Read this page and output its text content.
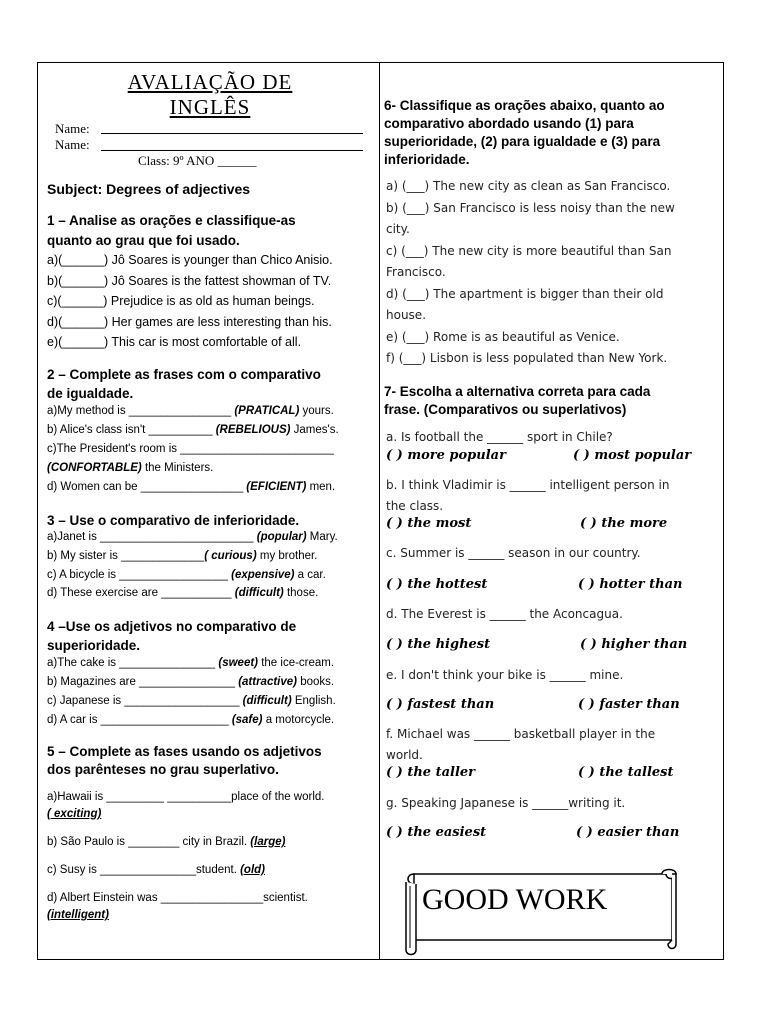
AVALIAÇÃO DE
INGLÊS
Name:
Name:
Class: 9º ANO ______
Subject: Degrees of adjectives
1 – Analise as orações e classifique-as
quanto ao grau que foi usado.
a)(______) Jô Soares is younger than Chico Anisio.
b)(______) Jô Soares is the fattest showman of TV.
c)(______) Prejudice is as old as human beings.
d)(______) Her games are less interesting than his.
e)(______) This car is most comfortable of all.
2 – Complete as frases com o comparativo
de igualdade.
a)My method is ________________ (PRATICAL) yours.
b) Alice's class isn't __________ (REBELIOUS) James's.
c)The President's room is ________________________
(CONFORTABLE) the Ministers.
d) Women can be ________________ (EFICIENT) men.
3 – Use o comparativo de inferioridade.
a)Janet is ________________________ (popular) Mary.
b) My sister is _____________( curious) my brother.
c) A bicycle is _________________ (expensive) a car.
d) These exercise are ___________ (difficult) those.
4 –Use os adjetivos no comparativo de
superioridade.
a)The cake is _______________ (sweet) the ice-cream.
b) Magazines are _______________ (attractive) books.
c) Japanese is __________________ (difficult) English.
d) A car is ____________________ (safe) a motorcycle.
5 – Complete as fases usando os adjetivos
dos parênteses no grau superlativo.
a)Hawaii is _________ __________place of the world.
( exciting)
b) São Paulo is ________ city in Brazil. (large)
c) Susy is _______________student. (old)
d) Albert Einstein was ________________scientist.
(intelligent)
6- Classifique as orações abaixo, quanto ao
comparativo abordado usando (1) para
superioridade, (2) para igualdade e (3) para
inferioridade.
a) (___) The new city as clean as San Francisco.
b) (___) San Francisco is less noisy than the new
city.
c) (___) The new city is more beautiful than San
Francisco.
d) (___) The apartment is bigger than their old
house.
e) (___) Rome is as beautiful as Venice.
f) (___) Lisbon is less populated than New York.
7- Escolha a alternativa correta para cada
frase. (Comparativos ou superlativos)
a. Is football the ______ sport in Chile?
( ) more popular	( ) most popular
b. I think Vladimir is ______ intelligent person in
the class.
( ) the most	( ) the more
c. Summer is ______ season in our country.
( ) the hottest	( ) hotter than
d. The Everest is ______ the Aconcagua.
( ) the highest	( ) higher than
e. I don't think your bike is ______ mine.
( ) fastest than	( ) faster than
f. Michael was ______ basketball player in the
world.
( ) the taller	( ) the tallest
g. Speaking Japanese is ______writing it.
( ) the easiest	( ) easier than
GOOD WORK
